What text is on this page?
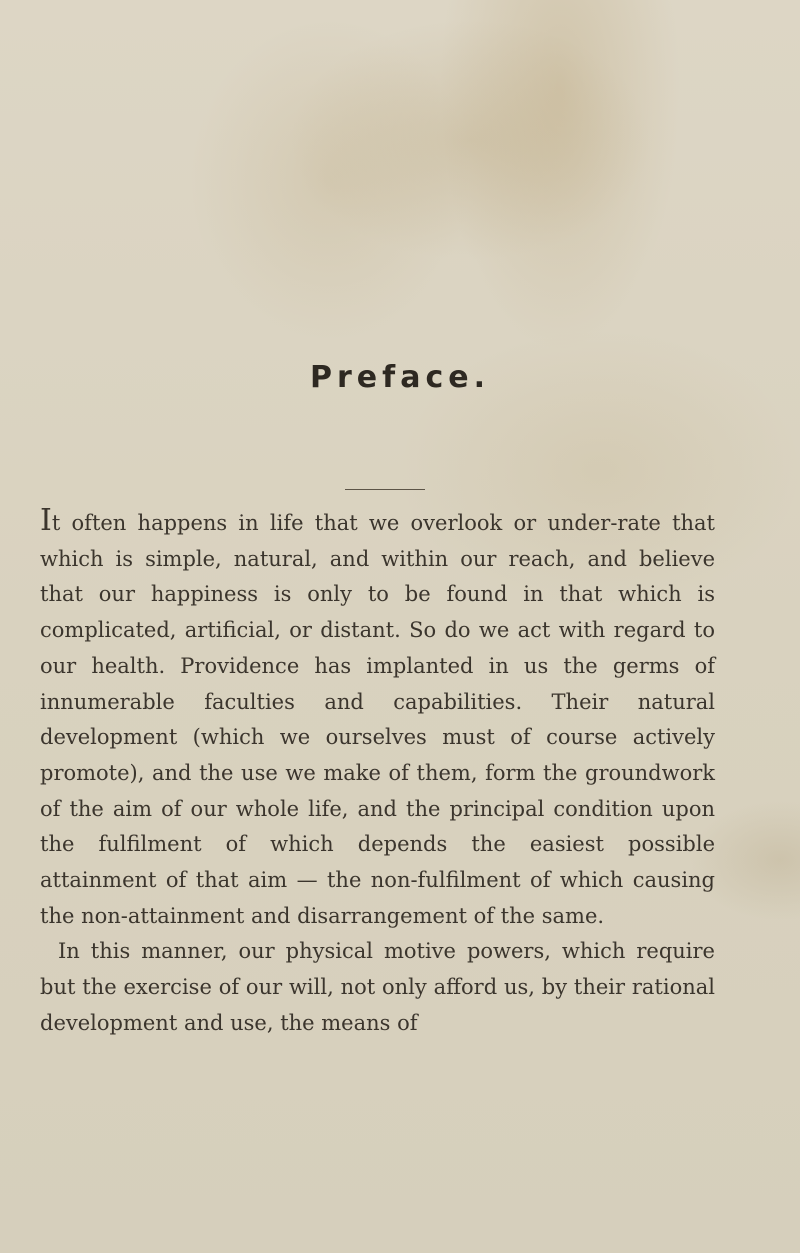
Preface.

It often happens in life that we overlook or under-rate that which is simple, natural, and within our reach, and believe that our happiness is only to be found in that which is complicated, artificial, or distant. So do we act with regard to our health. Providence has implanted in us the germs of innumerable faculties and capabilities. Their natural development (which we ourselves must of course actively promote), and the use we make of them, form the groundwork of the aim of our whole life, and the principal condition upon the fulfilment of which depends the easiest possible attainment of that aim — the non-fulfilment of which causing the non-attainment and disarrangement of the same.

In this manner, our physical motive powers, which require but the exercise of our will, not only afford us, by their rational development and use, the means of
